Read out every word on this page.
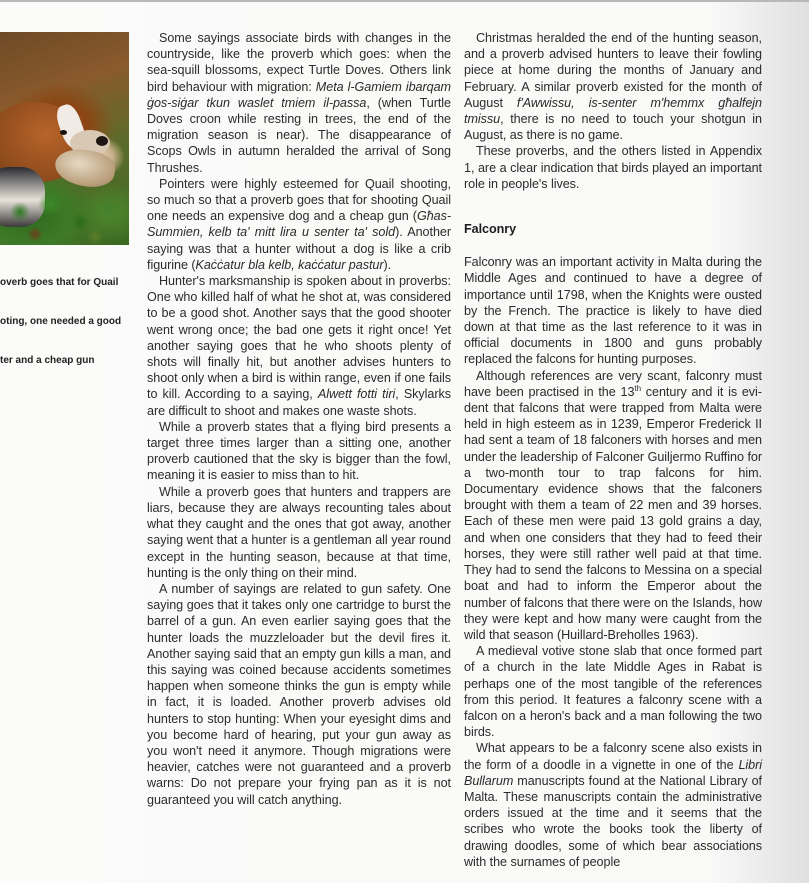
overb goes that for Quail

oting, one needed a good

ter and a cheap gun

Some sayings associate birds with changes in the countryside, like the proverb which goes: when the sea-squill blossoms, expect Turtle Doves. Others link bird behaviour with migration: Meta l-Gamiem ibarqam ġos-siġar tkun waslet tmiem il-passa, (when Turtle Doves croon while resting in trees, the end of the migration season is near). The disappearance of Scops Owls in autumn heralded the arrival of Song Thrushes.

Pointers were highly esteemed for Quail shooting, so much so that a proverb goes that for shooting Quail one needs an expensive dog and a cheap gun (Għas-Summien, kelb ta' mitt lira u senter ta' sold). Another saying was that a hunter without a dog is like a crib figurine (Kaċċatur bla kelb, kaċċatur pastur).

Hunter's marksmanship is spoken about in proverbs: One who killed half of what he shot at, was considered to be a good shot. Another says that the good shooter went wrong once; the bad one gets it right once! Yet another saying goes that he who shoots plenty of shots will finally hit, but another advises hunters to shoot only when a bird is within range, even if one fails to kill. According to a saying, Alwett fotti tiri, Skylarks are difficult to shoot and makes one waste shots.

While a proverb states that a flying bird presents a target three times larger than a sitting one, another proverb cautioned that the sky is bigger than the fowl, meaning it is easier to miss than to hit.

While a proverb goes that hunters and trappers are liars, because they are always recounting tales about what they caught and the ones that got away, another saying went that a hunter is a gentleman all year round except in the hunting season, because at that time, hunting is the only thing on their mind.

A number of sayings are related to gun safety. One saying goes that it takes only one cartridge to burst the barrel of a gun. An even earlier saying goes that the hunter loads the muzzleloader but the devil fires it. Another saying said that an empty gun kills a man, and this saying was coined because accidents sometimes happen when someone thinks the gun is empty while in fact, it is loaded. Another proverb advises old hunters to stop hunting: When your eyesight dims and you become hard of hearing, put your gun away as you won't need it anymore. Though migrations were heavier, catches were not guaranteed and a proverb warns: Do not prepare your frying pan as it is not guaranteed you will catch anything.

Christmas heralded the end of the hunting season, and a proverb advised hunters to leave their fowling piece at home during the months of January and February. A similar proverb existed for the month of August f'Awwissu, is-senter m'hemmx għalfejn tmissu, there is no need to touch your shotgun in August, as there is no game.

These proverbs, and the others listed in Appendix 1, are a clear indication that birds played an important role in people's lives.

Falconry

Falconry was an important activity in Malta during the Middle Ages and continued to have a degree of importance until 1798, when the Knights were ousted by the French. The practice is likely to have died down at that time as the last reference to it was in official documents in 1800 and guns probably replaced the falcons for hunting purposes.

Although references are very scant, falconry must have been practised in the 13th century and it is evident that falcons that were trapped from Malta were held in high esteem as in 1239, Emperor Frederick II had sent a team of 18 falconers with horses and men under the leadership of Falconer Guiljermo Ruffino for a two-month tour to trap falcons for him. Documentary evidence shows that the falconers brought with them a team of 22 men and 39 horses. Each of these men were paid 13 gold grains a day, and when one considers that they had to feed their horses, they were still rather well paid at that time. They had to send the falcons to Messina on a special boat and had to inform the Emperor about the number of falcons that there were on the Islands, how they were kept and how many were caught from the wild that season (Huillard-Breholles 1963).

A medieval votive stone slab that once formed part of a church in the late Middle Ages in Rabat is perhaps one of the most tangible of the references from this period. It features a falconry scene with a falcon on a heron's back and a man following the two birds.

What appears to be a falconry scene also exists in the form of a doodle in a vignette in one of the Libri Bullarum manuscripts found at the National Library of Malta. These manuscripts contain the administrative orders issued at the time and it seems that the scribes who wrote the books took the liberty of drawing doodles, some of which bear associations with the surnames of people
